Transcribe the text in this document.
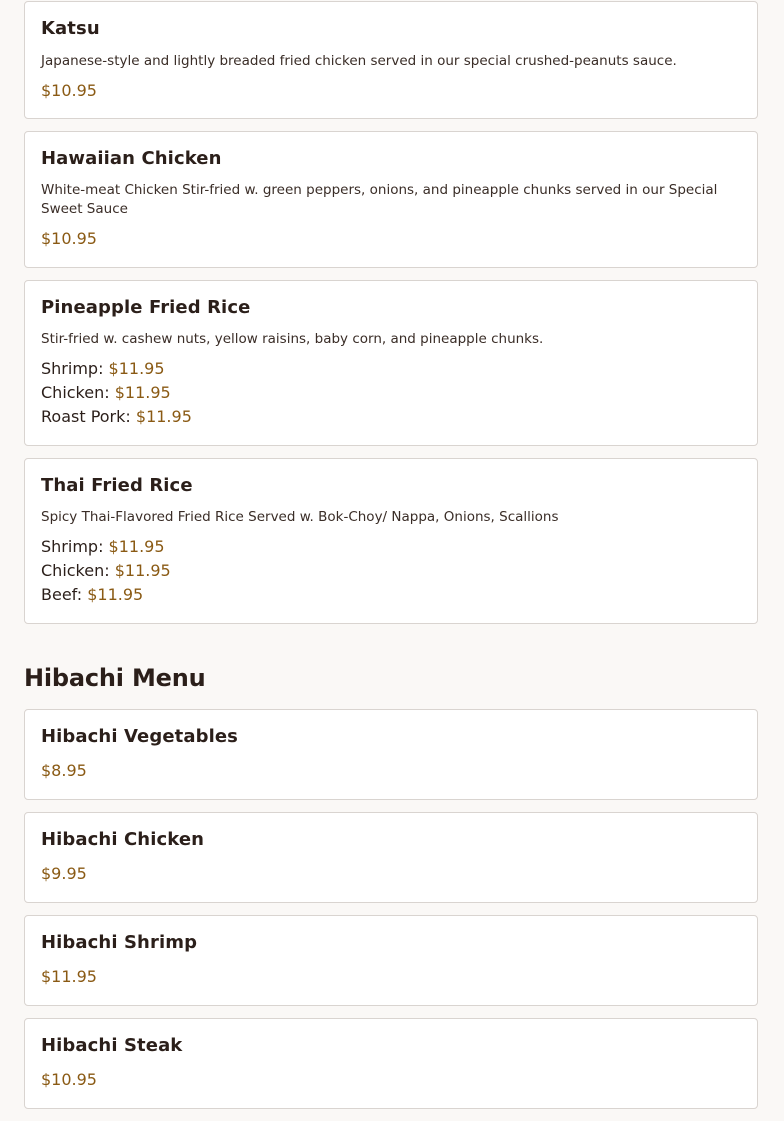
Katsu

Japanese-style and lightly breaded fried chicken served in our special crushed-peanuts sauce.

$10.95

Hawaiian Chicken

White-meat Chicken Stir-fried w. green peppers, onions, and pineapple chunks served in our Special Sweet Sauce

$10.95

Pineapple Fried Rice

Stir-fried w. cashew nuts, yellow raisins, baby corn, and pineapple chunks.

Shrimp: $11.95

Chicken: $11.95

Roast Pork: $11.95

Thai Fried Rice

Spicy Thai-Flavored Fried Rice Served w. Bok-Choy/ Nappa, Onions, Scallions

Shrimp: $11.95

Chicken: $11.95

Beef: $11.95

Hibachi Menu
Hibachi Vegetables

$8.95

Hibachi Chicken

$9.95

Hibachi Shrimp

$11.95

Hibachi Steak

$10.95
